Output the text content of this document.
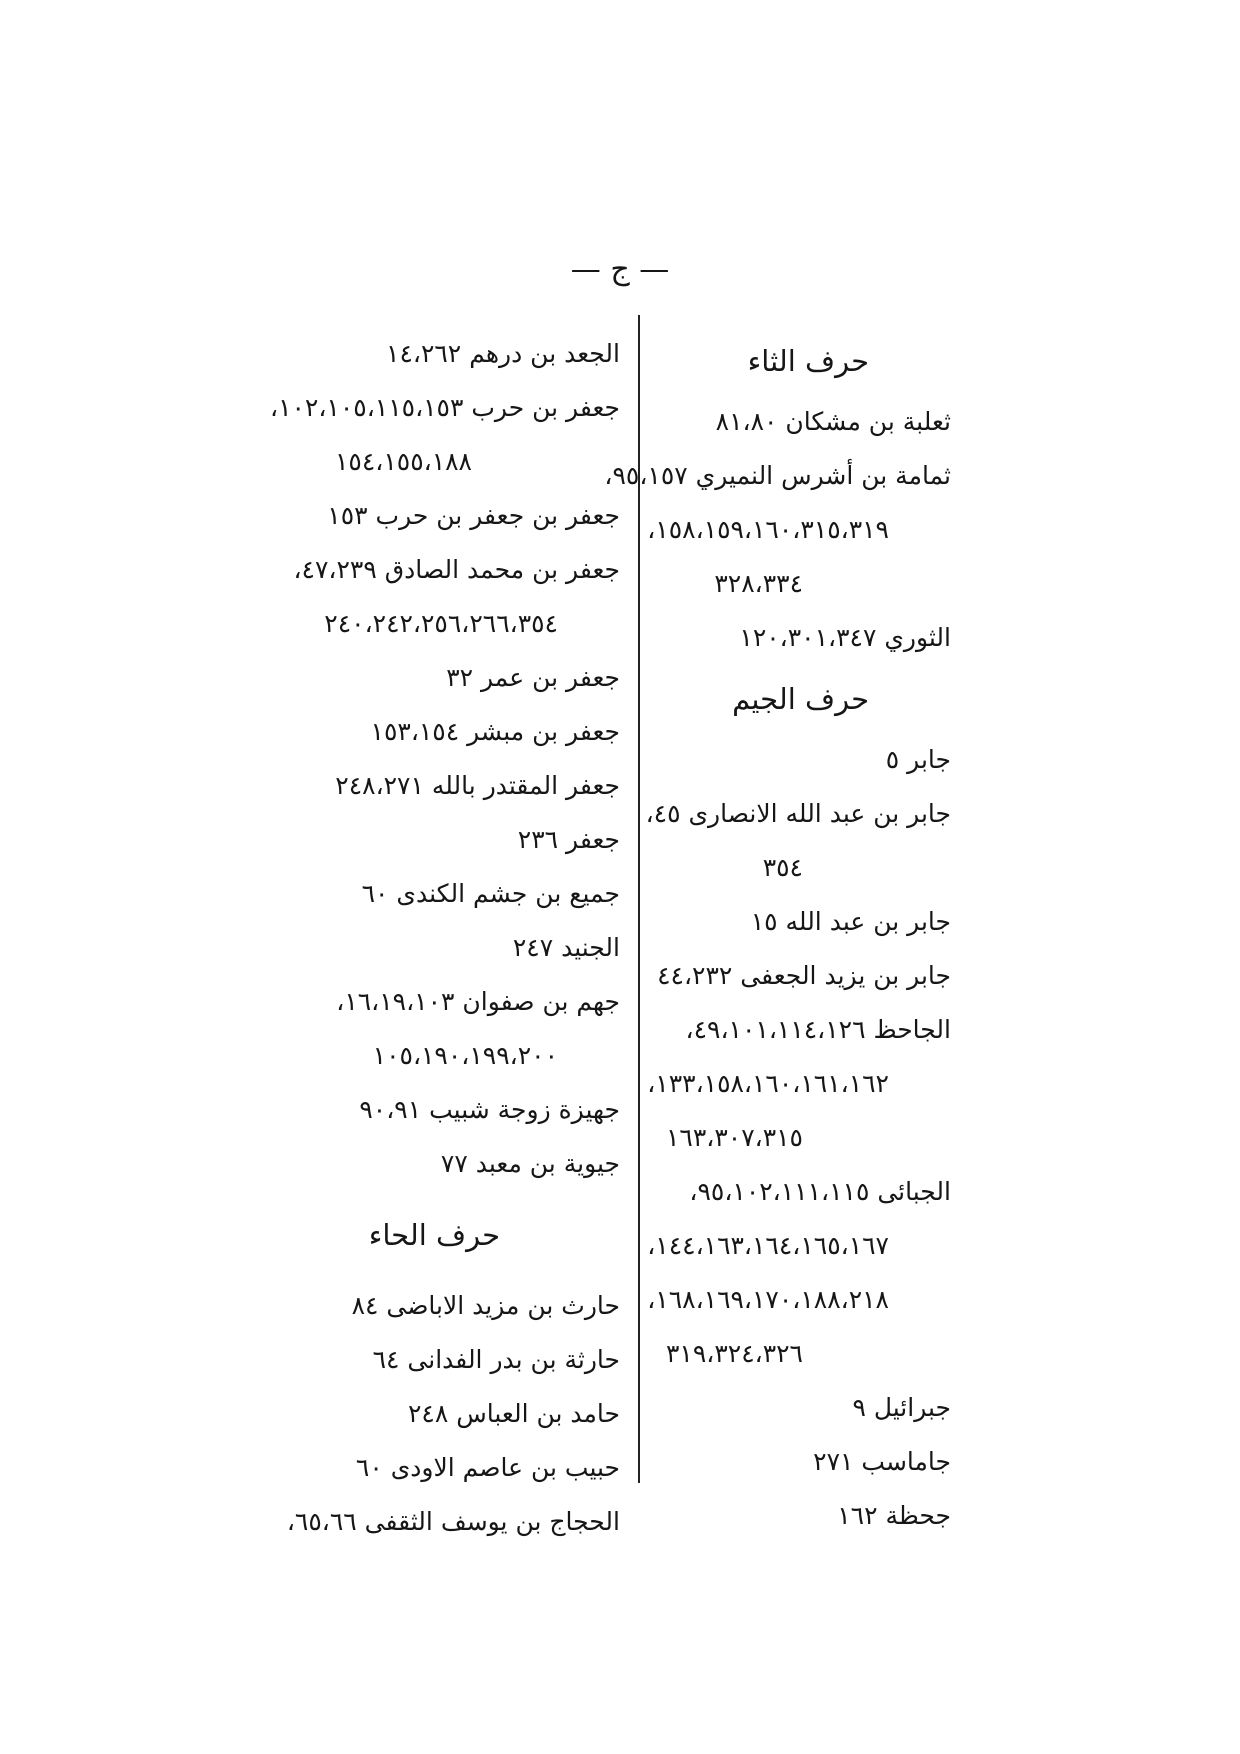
— ج —
حرف الثاء
ثعلبة بن مشكان ٨١،٨٠
ثمامة بن أشرس النميري ٩٥،١٥٧،
١٥٨،١٥٩،١٦٠،٣١٥،٣١٩،
٣٢٨،٣٣٤
الثوري ١٢٠،٣٠١،٣٤٧
حرف الجيم
جابر ٥
جابر بن عبد الله الانصارى ٤٥،
٣٥٤
جابر بن عبد الله ١٥
جابر بن يزيد الجعفى ٤٤،٢٣٢
الجاحظ ٤٩،١٠١،١١٤،١٢٦،
١٣٣،١٥٨،١٦٠،١٦١،١٦٢،
١٦٣،٣٠٧،٣١٥
الجبائى ٩٥،١٠٢،١١١،١١٥،
١٤٤،١٦٣،١٦٤،١٦٥،١٦٧،
١٦٨،١٦٩،١٧٠،١٨٨،٢١٨،
٣١٩،٣٢٤،٣٢٦
جبرائيل ٩
جاماسب ٢٧١
جحظة ١٦٢
الجعد بن درهم ١٤،٢٦٢
جعفر بن حرب ١٠٢،١٠٥،١١٥،١٥٣،
١٥٤،١٥٥،١٨٨
جعفر بن جعفر بن حرب ١٥٣
جعفر بن محمد الصادق ٤٧،٢٣٩،
٢٤٠،٢٤٢،٢٥٦،٢٦٦،٣٥٤
جعفر بن عمر ٣٢
جعفر بن مبشر ١٥٣،١٥٤
جعفر المقتدر بالله ٢٤٨،٢٧١
جعفر ٢٣٦
جميع بن جشم الكندى ٦٠
الجنيد ٢٤٧
جهم بن صفوان ١٦،١٩،١٠٣،
١٠٥،١٩٠،١٩٩،٢٠٠
جهيزة زوجة شبيب ٩٠،٩١
جيوية بن معبد ٧٧
حرف الحاء
حارث بن مزيد الاباضى ٨٤
حارثة بن بدر الفدانى ٦٤
حامد بن العباس ٢٤٨
حبيب بن عاصم الاودى ٦٠
الحجاج بن يوسف الثقفى ٦٥،٦٦،
